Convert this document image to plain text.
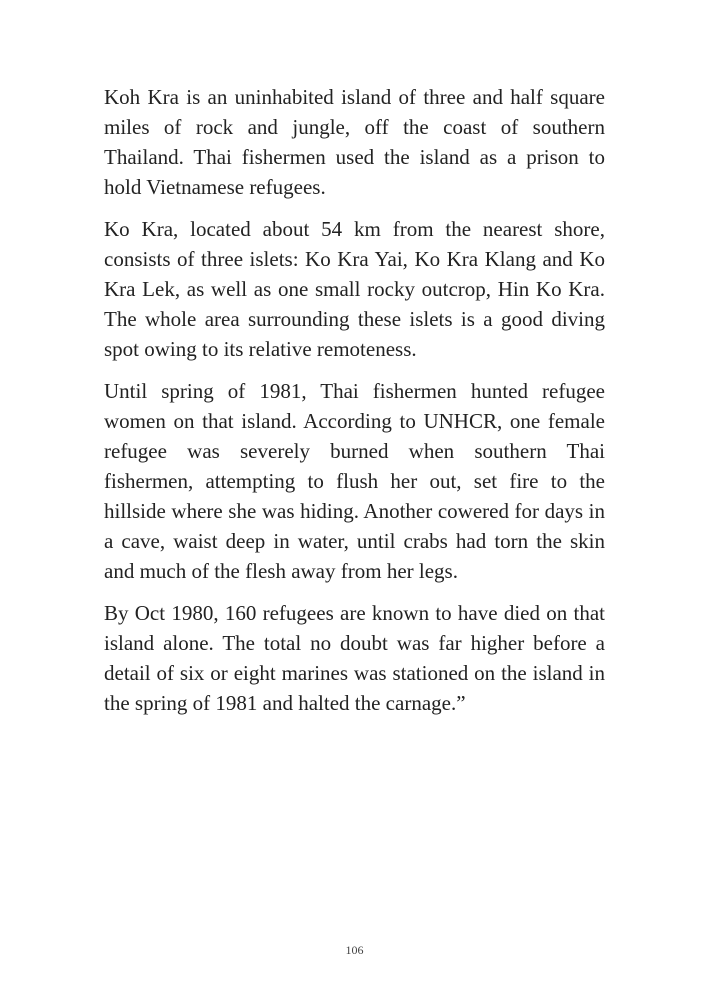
Koh Kra is an uninhabited island of three and half square miles of rock and jungle, off the coast of southern Thailand. Thai fishermen used the island as a prison to hold Vietnamese refugees.

Ko Kra, located about 54 km from the nearest shore, consists of three islets: Ko Kra Yai, Ko Kra Klang and Ko Kra Lek, as well as one small rocky outcrop, Hin Ko Kra. The whole area surrounding these islets is a good diving spot owing to its relative remoteness.

Until spring of 1981, Thai fishermen hunted refugee women on that island. According to UNHCR, one female refugee was severely burned when southern Thai fishermen, attempting to flush her out, set fire to the hillside where she was hiding. Another cowered for days in a cave, waist deep in water, until crabs had torn the skin and much of the flesh away from her legs.

By Oct 1980, 160 refugees are known to have died on that island alone. The total no doubt was far higher before a detail of six or eight marines was stationed on the island in the spring of 1981 and halted the carnage.”

106
